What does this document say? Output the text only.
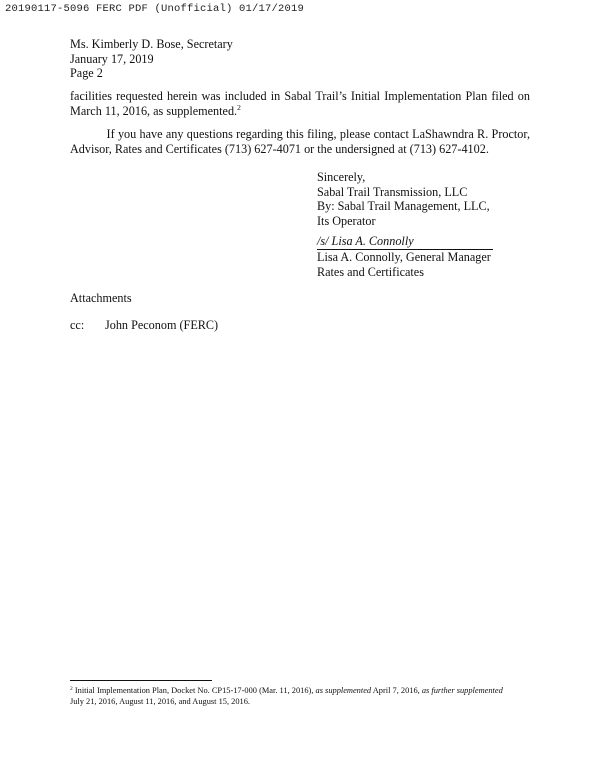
20190117-5096 FERC PDF (Unofficial) 01/17/2019
Ms. Kimberly D. Bose, Secretary
January 17, 2019
Page 2
facilities requested herein was included in Sabal Trail’s Initial Implementation Plan filed on
March 11, 2016, as supplemented.$^2$
If you have any questions regarding this filing, please contact LaShawndra R. Proctor,
Advisor, Rates and Certificates (713) 627-4071 or the undersigned at (713) 627-4102.
Sincerely,
Sabal Trail Transmission, LLC
By: Sabal Trail Management, LLC,
Its Operator
/s/ Lisa A. Connolly
Lisa A. Connolly, General Manager
Rates and Certificates
Attachments
cc: John Peconom (FERC)
$^2$ Initial Implementation Plan, Docket No. CP15-17-000 (Mar. 11, 2016), as supplemented April 7, 2016, as further supplemented
July 21, 2016, August 11, 2016, and August 15, 2016.
